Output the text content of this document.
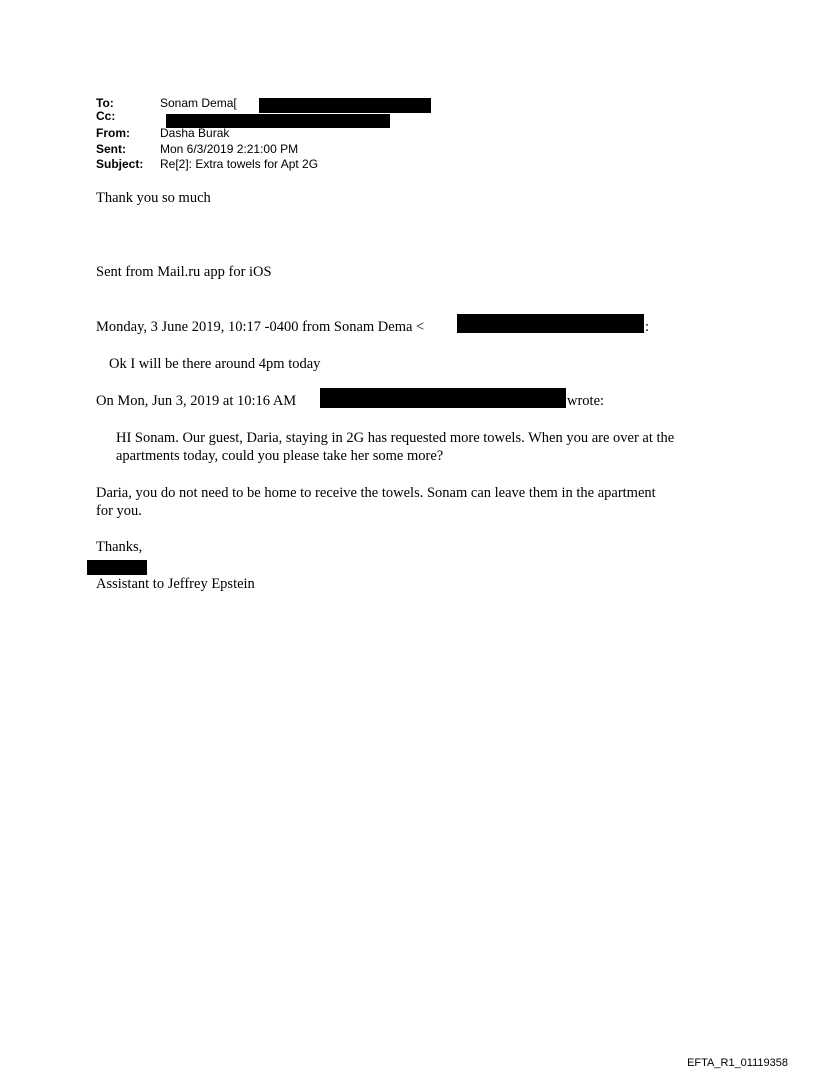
To:	Sonam Dema[
Cc:
From:	Dasha Burak
Sent:	Mon 6/3/2019 2:21:00 PM
Subject:	Re[2]: Extra towels for Apt 2G
Thank you so much
Sent from Mail.ru app for iOS
Monday, 3 June 2019, 10:17 -0400 from Sonam Dema <	:
Ok I will be there around 4pm today
On Mon, Jun 3, 2019 at 10:16 AM	wrote:
HI Sonam. Our guest, Daria, staying in 2G has requested more towels. When you are over at the apartments today, could you please take her some more?
Daria, you do not need to be home to receive the towels. Sonam can leave them in the apartment for you.
Thanks,
Assistant to Jeffrey Epstein
EFTA_R1_01119358
